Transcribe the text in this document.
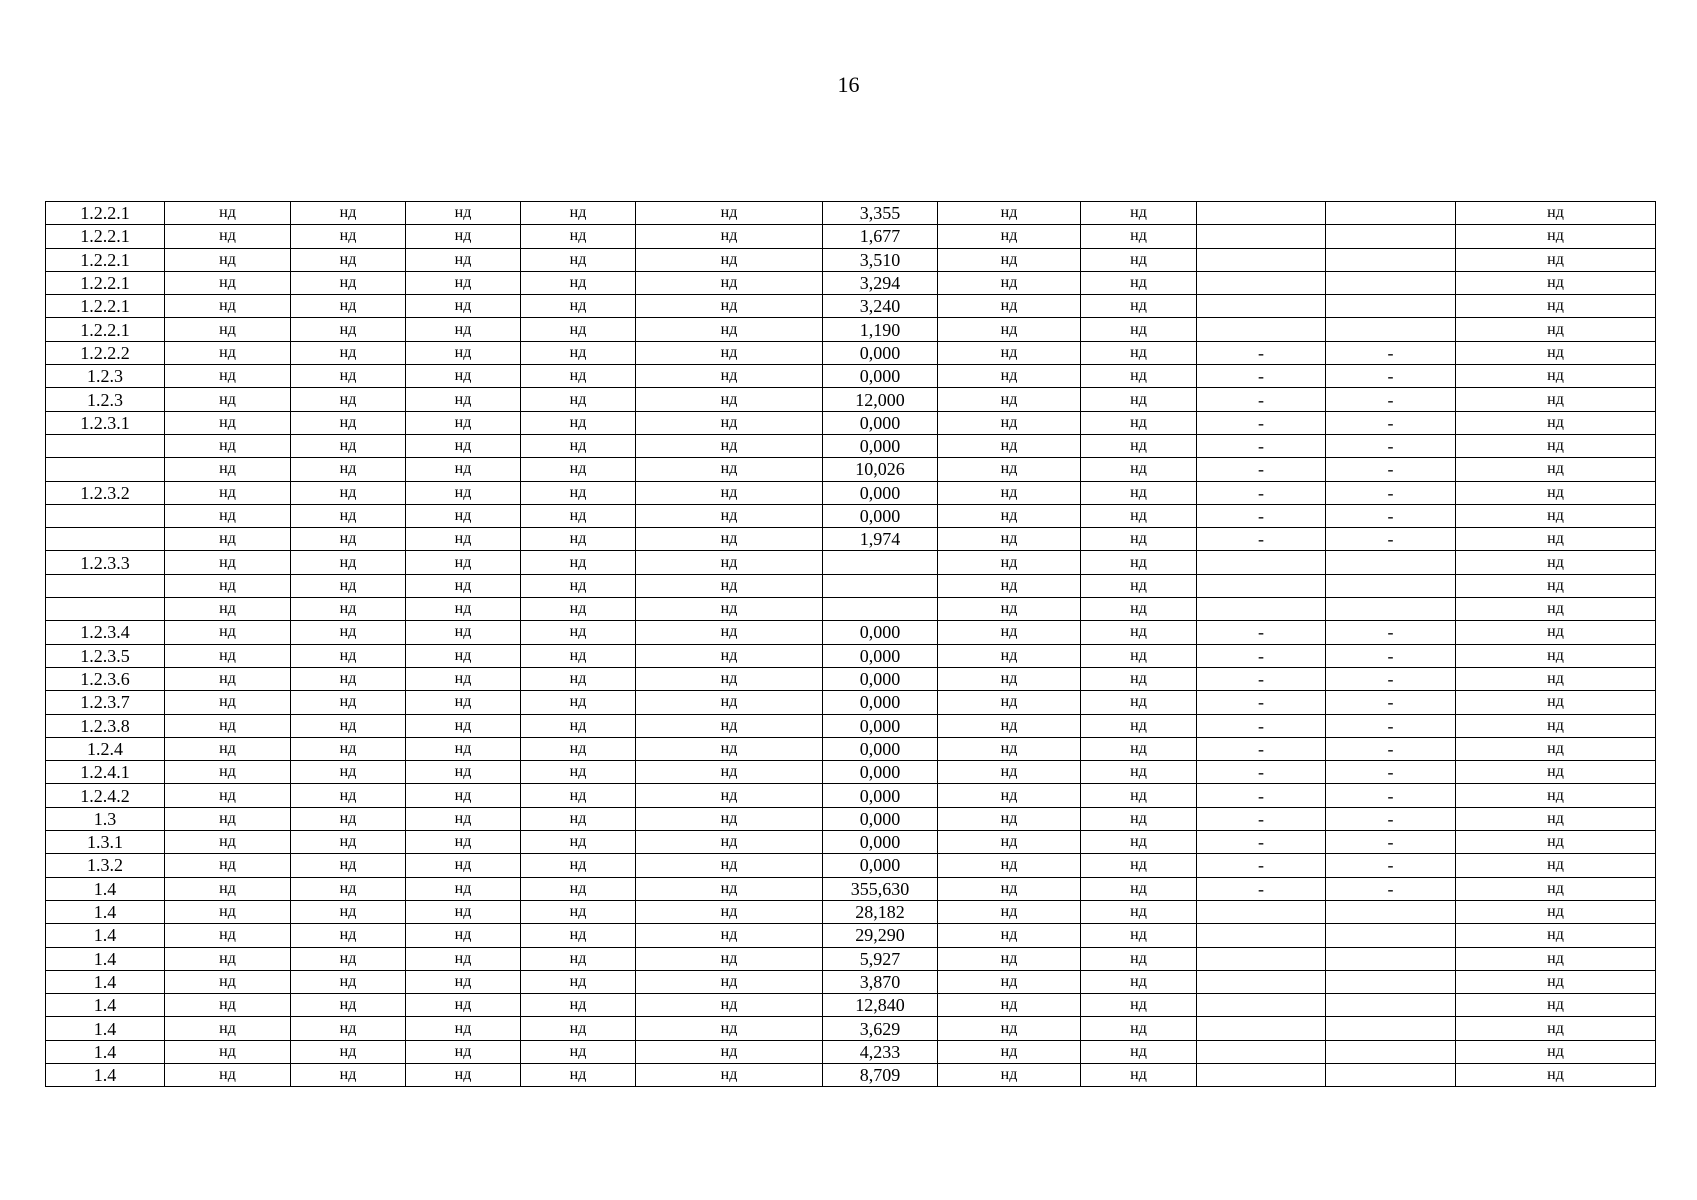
16
1.2.2.1	нд	нд	нд	нд	нд	3,355	нд	нд			нд
1.2.2.1	нд	нд	нд	нд	нд	1,677	нд	нд			нд
1.2.2.1	нд	нд	нд	нд	нд	3,510	нд	нд			нд
1.2.2.1	нд	нд	нд	нд	нд	3,294	нд	нд			нд
1.2.2.1	нд	нд	нд	нд	нд	3,240	нд	нд			нд
1.2.2.1	нд	нд	нд	нд	нд	1,190	нд	нд			нд
1.2.2.2	нд	нд	нд	нд	нд	0,000	нд	нд	-	-	нд
1.2.3	нд	нд	нд	нд	нд	0,000	нд	нд	-	-	нд
1.2.3	нд	нд	нд	нд	нд	12,000	нд	нд	-	-	нд
1.2.3.1	нд	нд	нд	нд	нд	0,000	нд	нд	-	-	нд
	нд	нд	нд	нд	нд	0,000	нд	нд	-	-	нд
	нд	нд	нд	нд	нд	10,026	нд	нд	-	-	нд
1.2.3.2	нд	нд	нд	нд	нд	0,000	нд	нд	-	-	нд
	нд	нд	нд	нд	нд	0,000	нд	нд	-	-	нд
	нд	нд	нд	нд	нд	1,974	нд	нд	-	-	нд
1.2.3.3	нд	нд	нд	нд	нд		нд	нд			нд
	нд	нд	нд	нд	нд		нд	нд			нд
	нд	нд	нд	нд	нд		нд	нд			нд
1.2.3.4	нд	нд	нд	нд	нд	0,000	нд	нд	-	-	нд
1.2.3.5	нд	нд	нд	нд	нд	0,000	нд	нд	-	-	нд
1.2.3.6	нд	нд	нд	нд	нд	0,000	нд	нд	-	-	нд
1.2.3.7	нд	нд	нд	нд	нд	0,000	нд	нд	-	-	нд
1.2.3.8	нд	нд	нд	нд	нд	0,000	нд	нд	-	-	нд
1.2.4	нд	нд	нд	нд	нд	0,000	нд	нд	-	-	нд
1.2.4.1	нд	нд	нд	нд	нд	0,000	нд	нд	-	-	нд
1.2.4.2	нд	нд	нд	нд	нд	0,000	нд	нд	-	-	нд
1.3	нд	нд	нд	нд	нд	0,000	нд	нд	-	-	нд
1.3.1	нд	нд	нд	нд	нд	0,000	нд	нд	-	-	нд
1.3.2	нд	нд	нд	нд	нд	0,000	нд	нд	-	-	нд
1.4	нд	нд	нд	нд	нд	355,630	нд	нд	-	-	нд
1.4	нд	нд	нд	нд	нд	28,182	нд	нд			нд
1.4	нд	нд	нд	нд	нд	29,290	нд	нд			нд
1.4	нд	нд	нд	нд	нд	5,927	нд	нд			нд
1.4	нд	нд	нд	нд	нд	3,870	нд	нд			нд
1.4	нд	нд	нд	нд	нд	12,840	нд	нд			нд
1.4	нд	нд	нд	нд	нд	3,629	нд	нд			нд
1.4	нд	нд	нд	нд	нд	4,233	нд	нд			нд
1.4	нд	нд	нд	нд	нд	8,709	нд	нд			нд
